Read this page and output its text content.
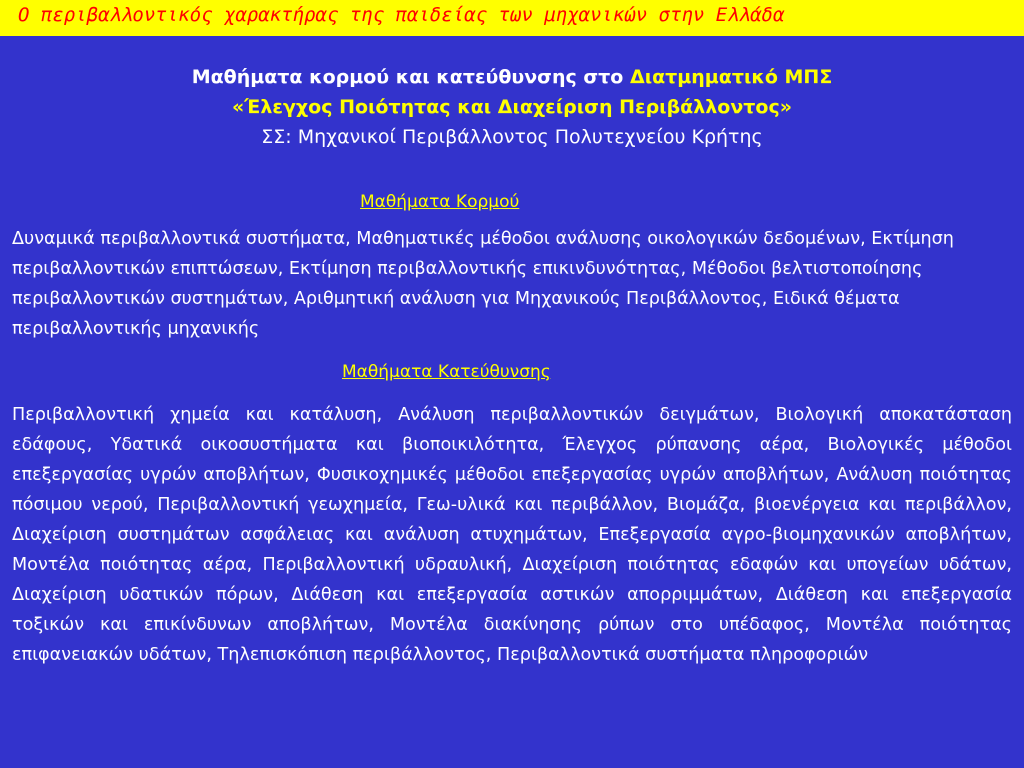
Ο περιβαλλοντικός χαρακτήρας της παιδείας των μηχανικών στην Ελλάδα
Μαθήματα κορμού και κατεύθυνσης στο Διατμηματικό ΜΠΣ
«Έλεγχος Ποιότητας και Διαχείριση Περιβάλλοντος»
ΣΣ: Μηχανικοί Περιβάλλοντος Πολυτεχνείου Κρήτης
Μαθήματα Κορμού
Δυναμικά περιβαλλοντικά συστήματα, Μαθηματικές μέθοδοι ανάλυσης οικολογικών δεδομένων, Εκτίμηση περιβαλλοντικών επιπτώσεων, Εκτίμηση περιβαλλοντικής επικινδυνότητας, Μέθοδοι βελτιστοποίησης περιβαλλοντικών συστημάτων, Αριθμητική ανάλυση για Μηχανικούς Περιβάλλοντος, Ειδικά θέματα περιβαλλοντικής μηχανικής
Μαθήματα Κατεύθυνσης
Περιβαλλοντική χημεία και κατάλυση, Ανάλυση περιβαλλοντικών δειγμάτων, Βιολογική αποκατάσταση εδάφους, Υδατικά οικοσυστήματα και βιοποικιλότητα, Έλεγχος ρύπανσης αέρα, Βιολογικές μέθοδοι επεξεργασίας υγρών αποβλήτων, Φυσικοχημικές μέθοδοι επεξεργασίας υγρών αποβλήτων, Ανάλυση ποιότητας πόσιμου νερού, Περιβαλλοντική γεωχημεία, Γεω-υλικά και περιβάλλον, Βιομάζα, βιοενέργεια και περιβάλλον, Διαχείριση συστημάτων ασφάλειας και ανάλυση ατυχημάτων, Επεξεργασία αγρο-βιομηχανικών αποβλήτων, Μοντέλα ποιότητας αέρα, Περιβαλλοντική υδραυλική, Διαχείριση ποιότητας εδαφών και υπογείων υδάτων, Διαχείριση υδατικών πόρων, Διάθεση και επεξεργασία αστικών απορριμμάτων, Διάθεση και επεξεργασία τοξικών και επικίνδυνων αποβλήτων, Μοντέλα διακίνησης ρύπων στο υπέδαφος, Μοντέλα ποιότητας επιφανειακών υδάτων, Τηλεπισκόπιση περιβάλλοντος, Περιβαλλοντικά συστήματα πληροφοριών
